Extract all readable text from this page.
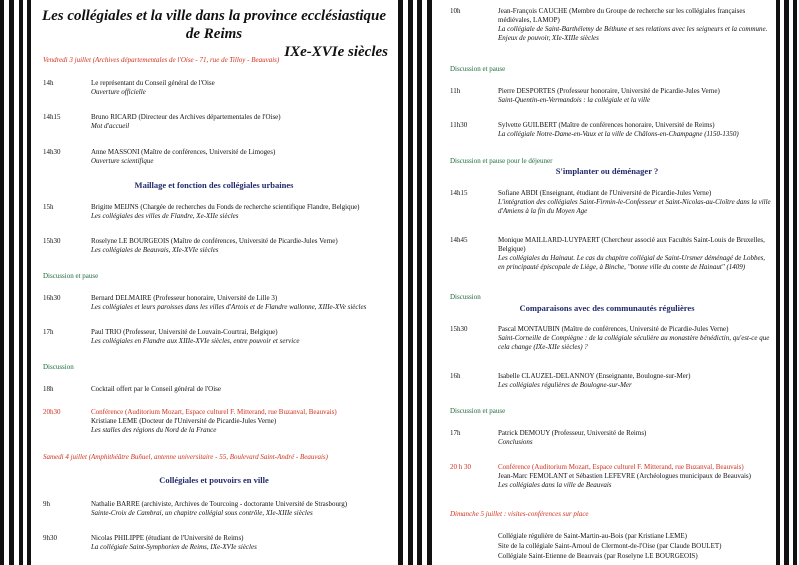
Les collégiales et la ville dans la province ecclésiastique de Reims
IXe-XVIe siècles
Vendredi 3 juillet (Archives départementales de l'Oise - 71, rue de Tilloy - Beauvais)
14h	Le représentant du Conseil général de l'Oise
Ouverture officielle
14h15	Bruno RICARD (Directeur des Archives départementales de l'Oise)
Mot d'accueil
14h30	Anne MASSONI (Maître de conférences, Université de Limoges)
Ouverture scientifique
Maillage et fonction des collégiales urbaines
15h	Brigitte MEIJNS (Chargée de recherches du Fonds de recherche scientifique Flandre, Belgique)
Les collégiales des villes de Flandre, Xe-XIIe siècles
15h30	Roselyne LE BOURGEOIS (Maître de conférences, Université de Picardie-Jules Verne)
Les collégiales de Beauvais, XIe-XVIe siècles
Discussion et pause
16h30	Bernard DELMAIRE (Professeur honoraire, Université de Lille 3)
Les collégiales et leurs paroisses dans les villes d'Artois et de Flandre wallonne, XIIIe-XVe siècles
17h	Paul TRIO (Professeur, Université de Louvain-Courtrai, Belgique)
Les collégiales en Flandre aux XIIIe-XVIe siècles, entre pouvoir et service
Discussion
18h	Cocktail offert par le Conseil général de l'Oise
20h30	Conférence (Auditorium Mozart, Espace culturel F. Mitterand, rue Buzanval, Beauvais)
Kristiane LEME (Docteur de l'Université de Picardie-Jules Verne)
Les stalles des régions du Nord de la France
Samedi 4 juillet (Amphithéâtre Buñuel, antenne universitaire - 55, Boulevard Saint-André - Beauvais)
Collégiales et pouvoirs en ville
9h	Nathalie BARRE (archiviste, Archives de Tourcoing - doctorante Université de Strasbourg)
Sainte-Croix de Cambrai, un chapitre collégial sous contrôle, XIe-XIIIe siècles
9h30	Nicolas PHILIPPE (étudiant de l'Université de Reims)
La collégiale Saint-Symphorien de Reims, IXe-XVIe siècles
10h	Jean-François CAUCHE (Membre du Groupe de recherche sur les collégiales françaises médiévales, LAMOP)
La collégiale de Saint-Barthélemy de Béthune et ses relations avec les seigneurs et la commune. Enjeux de pouvoir, XIe-XIIIe siècles
Discussion et pause
11h	Pierre DESPORTES (Professeur honoraire, Université de Picardie-Jules Verne)
Saint-Quentin-en-Vermandois : la collégiale et la ville
11h30	Sylvette GUILBERT (Maître de conférences honoraire, Université de Reims)
La collégiale Notre-Dame-en-Vaux et la ville de Châlons-en-Champagne (1150-1350)
Discussion et pause pour le déjeuner
S'implanter ou déménager ?
14h15	Sofiane ABDI (Enseignant, étudiant de l'Université de Picardie-Jules Verne)
L'intégration des collégiales Saint-Firmin-le-Confesseur et Saint-Nicolas-au-Cloître dans la ville d'Amiens à la fin du Moyen Age
14h45	Monique MAILLARD-LUYPAERT (Chercheur associé aux Facultés Saint-Louis de Bruxelles, Belgique)
Les collégiales du Hainaut. Le cas du chapitre collégial de Saint-Ursmer déménagé de Lobbes, en principauté épiscopale de Liège, à Binche, "bonne ville du comte de Hainaut" (1409)
Discussion
Comparaisons avec des communautés régulières
15h30	Pascal MONTAUBIN (Maître de conférences, Université de Picardie-Jules Verne)
Saint-Corneille de Compiègne : de la collégiale séculière au monastère bénédictin, qu'est-ce que cela change (IXe-XIIe siècles) ?
16h	Isabelle CLAUZEL-DELANNOY (Enseignante, Boulogne-sur-Mer)
Les collégiales régulières de Boulogne-sur-Mer
Discussion et pause
17h	Patrick DEMOUY (Professeur, Université de Reims)
Conclusions
20 h 30	Conférence (Auditorium Mozart, Espace culturel F. Mitterand, rue Buzanval, Beauvais)
Jean-Marc FEMOLANT et Sébastien LEFEVRE (Archéologues municipaux de Beauvais)
Les collégiales dans la ville de Beauvais
Dimanche 5 juillet : visites-conférences sur place
Collégiale régulière de Saint-Martin-au-Bois (par Kristiane LEME)
Site de la collégiale Saint-Arnoul de Clermont-de-l'Oise (par Claude BOULET)
Collégiale Saint-Etienne de Beauvais (par Roselyne LE BOURGEOIS)
